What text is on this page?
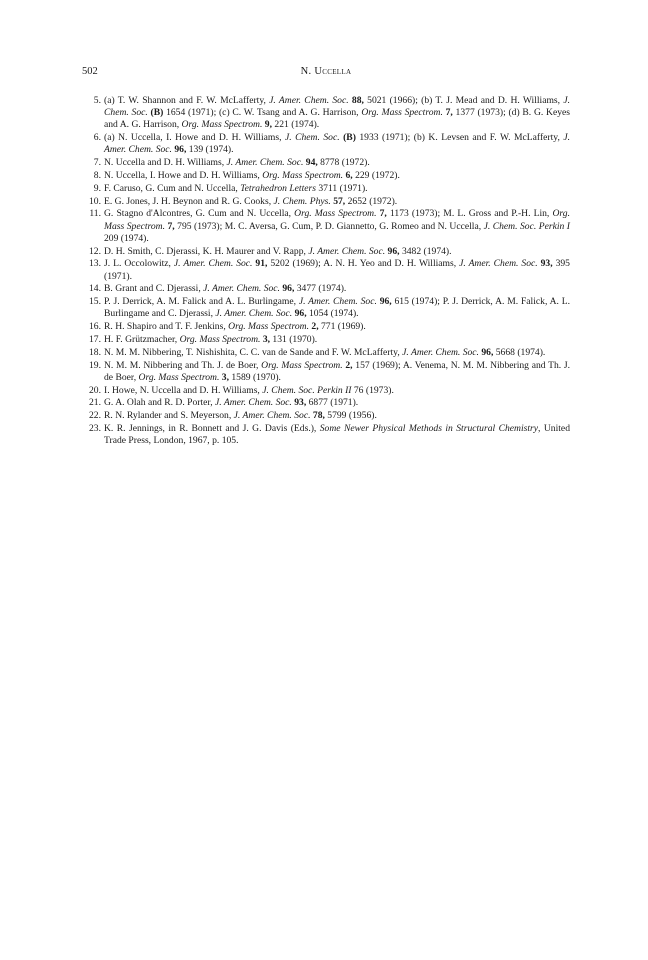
502	N. Uccella
5. (a) T. W. Shannon and F. W. McLafferty, J. Amer. Chem. Soc. 88, 5021 (1966); (b) T. J. Mead and D. H. Williams, J. Chem. Soc. (B) 1654 (1971); (c) C. W. Tsang and A. G. Harrison, Org. Mass Spectrom. 7, 1377 (1973); (d) B. G. Keyes and A. G. Harrison, Org. Mass Spectrom. 9, 221 (1974).
6. (a) N. Uccella, I. Howe and D. H. Williams, J. Chem. Soc. (B) 1933 (1971); (b) K. Levsen and F. W. McLafferty, J. Amer. Chem. Soc. 96, 139 (1974).
7. N. Uccella and D. H. Williams, J. Amer. Chem. Soc. 94, 8778 (1972).
8. N. Uccella, I. Howe and D. H. Williams, Org. Mass Spectrom. 6, 229 (1972).
9. F. Caruso, G. Cum and N. Uccella, Tetrahedron Letters 3711 (1971).
10. E. G. Jones, J. H. Beynon and R. G. Cooks, J. Chem. Phys. 57, 2652 (1972).
11. G. Stagno d'Alcontres, G. Cum and N. Uccella, Org. Mass Spectrom. 7, 1173 (1973); M. L. Gross and P.-H. Lin, Org. Mass Spectrom. 7, 795 (1973); M. C. Aversa, G. Cum, P. D. Giannetto, G. Romeo and N. Uccella, J. Chem. Soc. Perkin I 209 (1974).
12. D. H. Smith, C. Djerassi, K. H. Maurer and V. Rapp, J. Amer. Chem. Soc. 96, 3482 (1974).
13. J. L. Occolowitz, J. Amer. Chem. Soc. 91, 5202 (1969); A. N. H. Yeo and D. H. Williams, J. Amer. Chem. Soc. 93, 395 (1971).
14. B. Grant and C. Djerassi, J. Amer. Chem. Soc. 96, 3477 (1974).
15. P. J. Derrick, A. M. Falick and A. L. Burlingame, J. Amer. Chem. Soc. 96, 615 (1974); P. J. Derrick, A. M. Falick, A. L. Burlingame and C. Djerassi, J. Amer. Chem. Soc. 96, 1054 (1974).
16. R. H. Shapiro and T. F. Jenkins, Org. Mass Spectrom. 2, 771 (1969).
17. H. F. Grützmacher, Org. Mass Spectrom. 3, 131 (1970).
18. N. M. M. Nibbering, T. Nishishita, C. C. van de Sande and F. W. McLafferty, J. Amer. Chem. Soc. 96, 5668 (1974).
19. N. M. M. Nibbering and Th. J. de Boer, Org. Mass Spectrom. 2, 157 (1969); A. Venema, N. M. M. Nibbering and Th. J. de Boer, Org. Mass Spectrom. 3, 1589 (1970).
20. I. Howe, N. Uccella and D. H. Williams, J. Chem. Soc. Perkin II 76 (1973).
21. G. A. Olah and R. D. Porter, J. Amer. Chem. Soc. 93, 6877 (1971).
22. R. N. Rylander and S. Meyerson, J. Amer. Chem. Soc. 78, 5799 (1956).
23. K. R. Jennings, in R. Bonnett and J. G. Davis (Eds.), Some Newer Physical Methods in Structural Chemistry, United Trade Press, London, 1967, p. 105.
